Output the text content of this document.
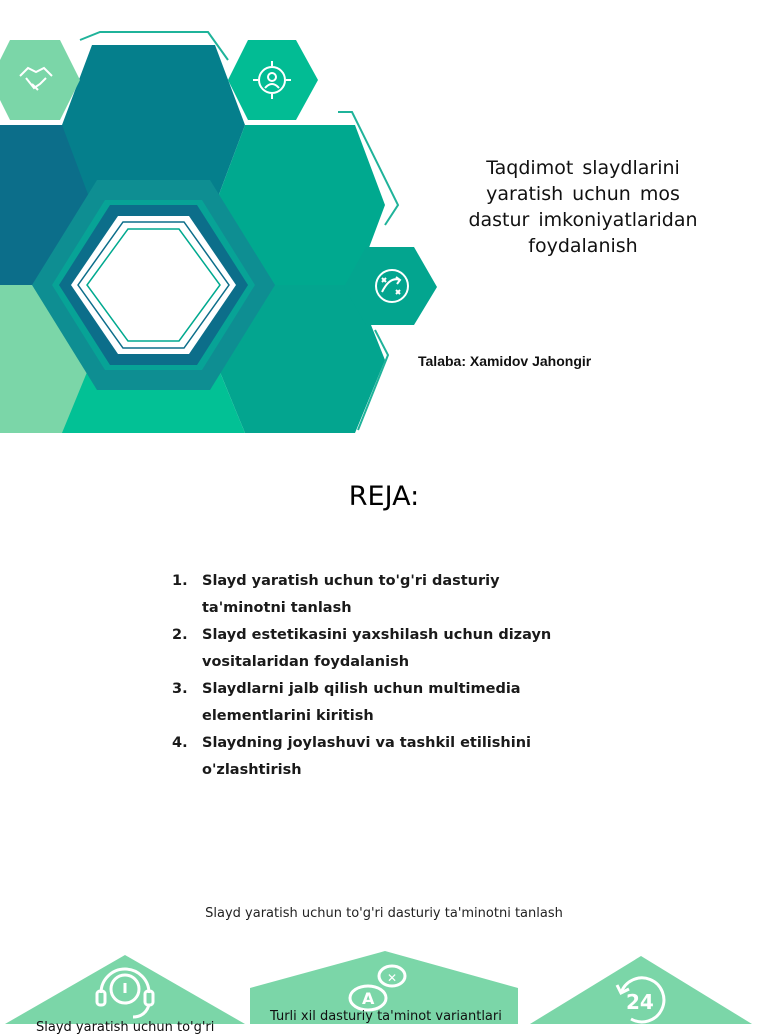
Taqdimot slaydlarini yaratish uchun mos dastur imkoniyatlaridan foydalanish
Talaba: Xamidov Jahongir
REJA:
1. Slayd yaratish uchun to'g'ri dasturiy ta'minotni tanlash
2. Slayd estetikasini yaxshilash uchun dizayn vositalaridan foydalanish
3. Slaydlarni jalb qilish uchun multimedia elementlarini kiritish
4. Slaydning joylashuvi va tashkil etilishini o'zlashtirish
Slayd yaratish uchun to'g'ri dasturiy ta'minotni tanlash
A
✕
24
Slayd yaratish uchun to'g'ri
Turli xil dasturiy ta'minot variantlari
